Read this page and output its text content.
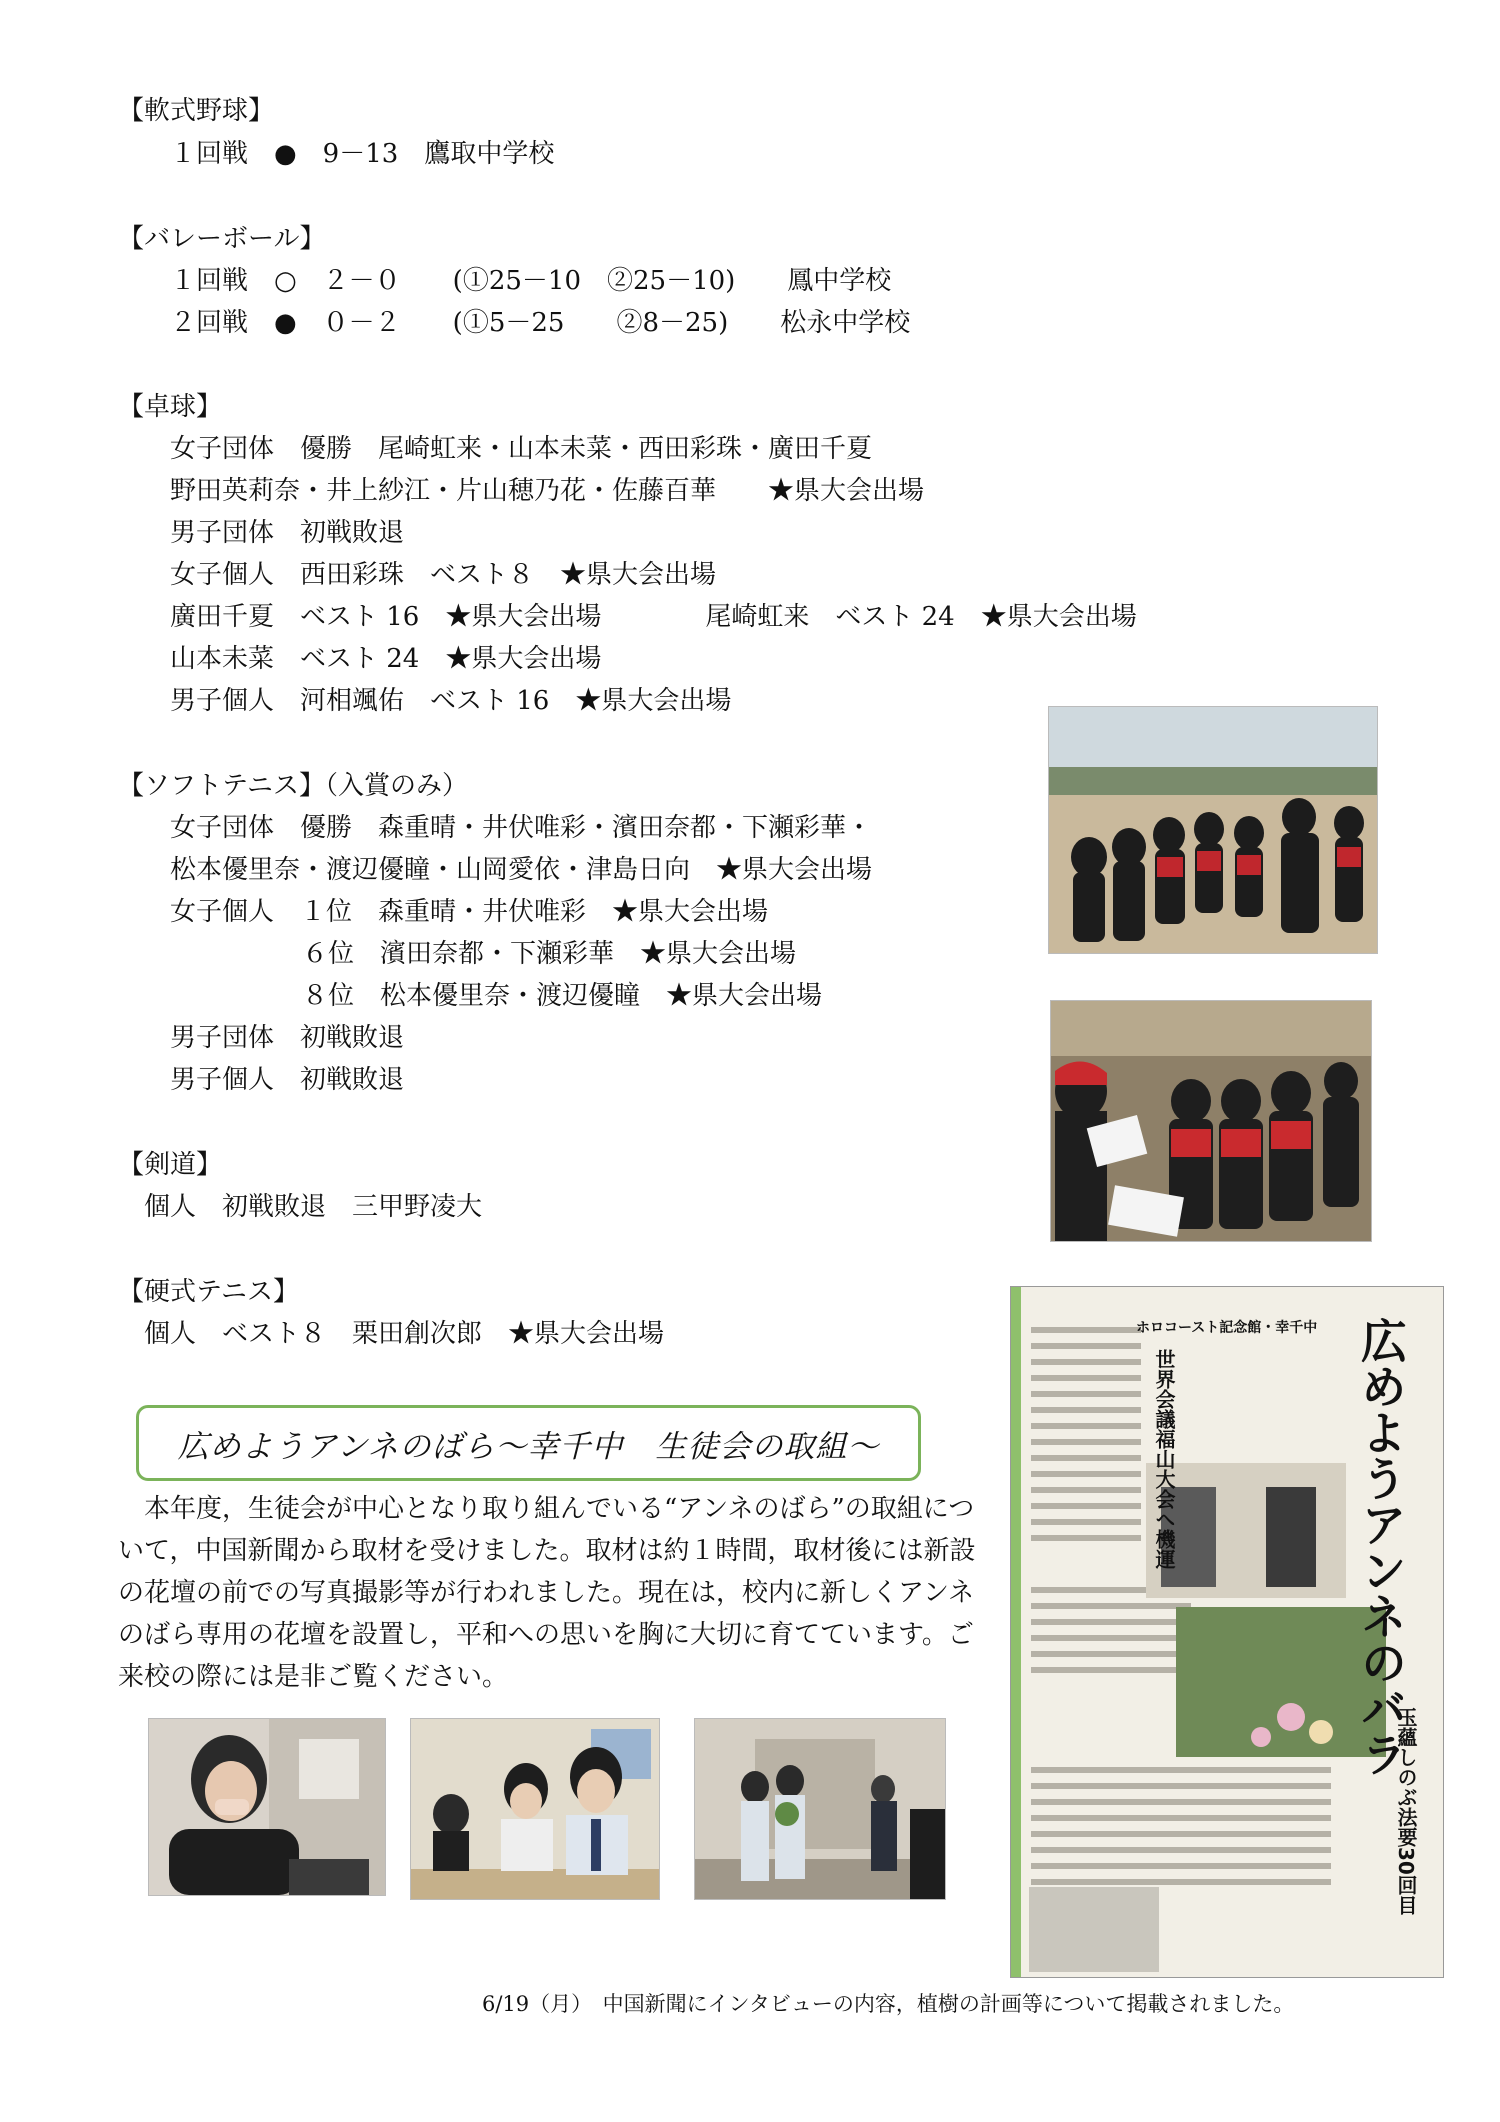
【軟式野球】
１回戦　●　9－13　鷹取中学校
【バレーボール】
１回戦　○　２－０　　(①25－10　②25－10)　　鳳中学校
２回戦　●　０－２　　(①5－25　　②8－25)　　松永中学校
【卓球】
女子団体　優勝　尾崎虹来・山本未菜・西田彩珠・廣田千夏
野田英莉奈・井上紗江・片山穂乃花・佐藤百華　　★県大会出場
男子団体　初戦敗退
女子個人　西田彩珠　ベスト８　★県大会出場
廣田千夏　ベスト 16　★県大会出場　　　　尾崎虹来　ベスト 24　★県大会出場
山本未菜　ベスト 24　★県大会出場
男子個人　河相颯佑　ベスト 16　★県大会出場
【ソフトテニス】（入賞のみ）
女子団体　優勝　森重晴・井伏唯彩・濱田奈都・下瀬彩華・
松本優里奈・渡辺優瞳・山岡愛依・津島日向　★県大会出場
女子個人　１位　森重晴・井伏唯彩　★県大会出場
６位　濱田奈都・下瀬彩華　★県大会出場
８位　松本優里奈・渡辺優瞳　★県大会出場
男子団体　初戦敗退
男子個人　初戦敗退
【剣道】
個人　初戦敗退　三甲野凌大
【硬式テニス】
個人　ベスト８　栗田創次郎　★県大会出場	ホロコースト記念館・幸千中 広めようアンネのバラ
世界会議福山大会へ機運
玉蘊しのぶ法要30回目
広めようアンネのばら～幸千中　生徒会の取組～
　本年度，生徒会が中心となり取り組んでいる“アンネのばら”の取組について，中国新聞から取材を受けました。取材は約１時間，取材後には新設の花壇の前での写真撮影等が行われました。現在は，校内に新しくアンネのばら専用の花壇を設置し，平和への思いを胸に大切に育てています。ご来校の際には是非ご覧ください。
6/19（月）　中国新聞にインタビューの内容，植樹の計画等について掲載されました。
